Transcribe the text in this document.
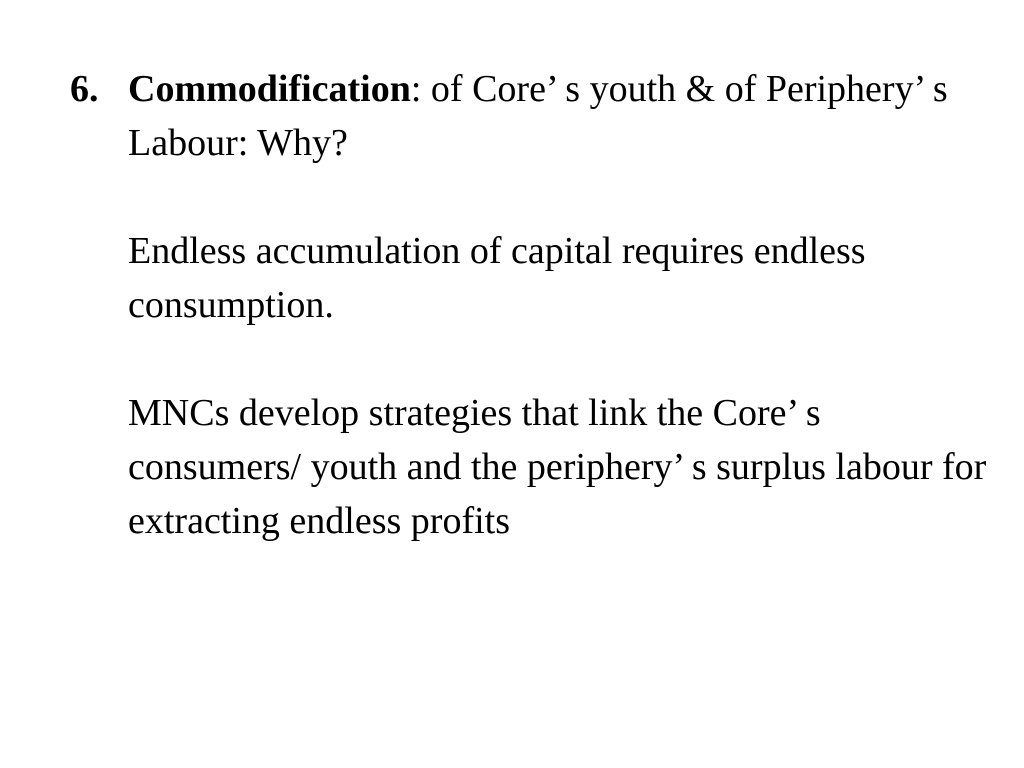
6. Commodification: of Core’ s youth & of Periphery’ s Labour: Why?

Endless accumulation of capital requires endless consumption.

MNCs develop strategies that link the Core’ s consumers/ youth and the periphery’ s surplus labour for extracting endless profits
